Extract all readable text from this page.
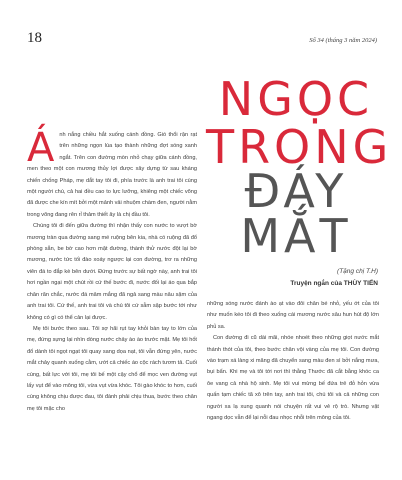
18	Số 34 (tháng 3 năm 2024)
NGỌC
TRONG
ĐÁY
MẮT
(Tặng chị T.H)
Truyện ngắn của THÙY TIẾN

Ánh nắng chiều hắt xuống cánh đồng. Gió thổi rận rạt trên những ngọn lúa tạo thành những đợt sóng xanh ngắt. Trên con đường mòn nhỏ chạy giữa cánh đồng, men theo một con mương thủy lợi được xây dựng từ sau kháng chiến chống Pháp, mẹ dắt tay tôi đi, phía trước là anh trai tôi cùng một người chú, cả hai đều cao to lực lưỡng, khiêng một chiếc võng đã được che kín mít bởi một mảnh vải nhuộm chàm đen, người nằm trong võng đang rên rỉ thảm thiết ây là chị đầu tôi.

Chúng tôi đi đến giữa đường thì nhận thấy con nước to vượt bờ mương tràn qua đường sang mé ruộng bên kia, nhà có ruộng đã đổ phòng sẵn, be bờ cao hơn mặt đường, thành thử nước đột lại bờ mương, nước tức tối đào xoáy ngược lại con đường, trơ ra những viên đá to đắp kè bên dưới. Đứng trước sự bất ngờ này, anh trai tôi hơi ngần ngại một chút rồi cứ thế bước đi, nước đối lại áo qua bắp chân rãn chắc, nước đá mâm mắng đã ngả sang màu nâu sậm của anh trai tôi. Cứ thế, anh trai tôi và chú tôi cứ sẫm sập bước tới như không có gì có thể cản lại được.

Mẹ tôi bước theo sau. Tôi sợ hãi rụt tay khỏi bàn tay to lớn của mẹ, đứng sựng lại nhìn dòng nước chảy ào ào trước mặt. Mẹ tôi hốt đổ dành tôi ngọt ngạt tôi quay sang dọa nạt, tôi vẫn đứng yên, nước mắt chảy quanh xuống cằm, ướt cả chiếc áo cộc rách tươm tả. Cuối cùng, bất lực với tôi, mẹ tôi bế một cậy chổ để mọc ven đường vụt lấy vụt để vào mông tôi, vừa vụt vừa khóc. Tôi gào khóc to hơn, cuối cùng không chịu được đau, tôi đành phải chịu thua, bước theo chân mẹ tôi mặc cho

những sóng nước đánh ào ạt vào đôi chân bé nhỏ, yếu ớt của tôi như muốn kéo tôi đi theo xuống cái mương nước sâu hun hút độ lớn phủ sa.

Con đường đi cũ dài mãi, nhóe nhoét theo những giọt nước mắt thánh thót của tôi, theo bước chân vội vàng của mẹ tôi. Con đường vào trạm xá làng xi măng đã chuyển sang màu đen sì bởi nắng mưa, bụi bẩn. Khi mẹ và tôi tới nơi thì thằng Thước đã cắt bằng khóc ca ôe vang cả nhà hộ sinh. Mẹ tôi vui mừng bế đứa trẻ đỏ hỏn vừa quấn tạm chiếc tã xô trên tay, anh trai tôi, chú tôi và cả những con người xa lạ xung quanh nói chuyện rất vui vẻ rộ trò. Nhưng vật ngang dọc vẫn để lại nỗi đau nhọc nhỗi trên mông của tôi.
